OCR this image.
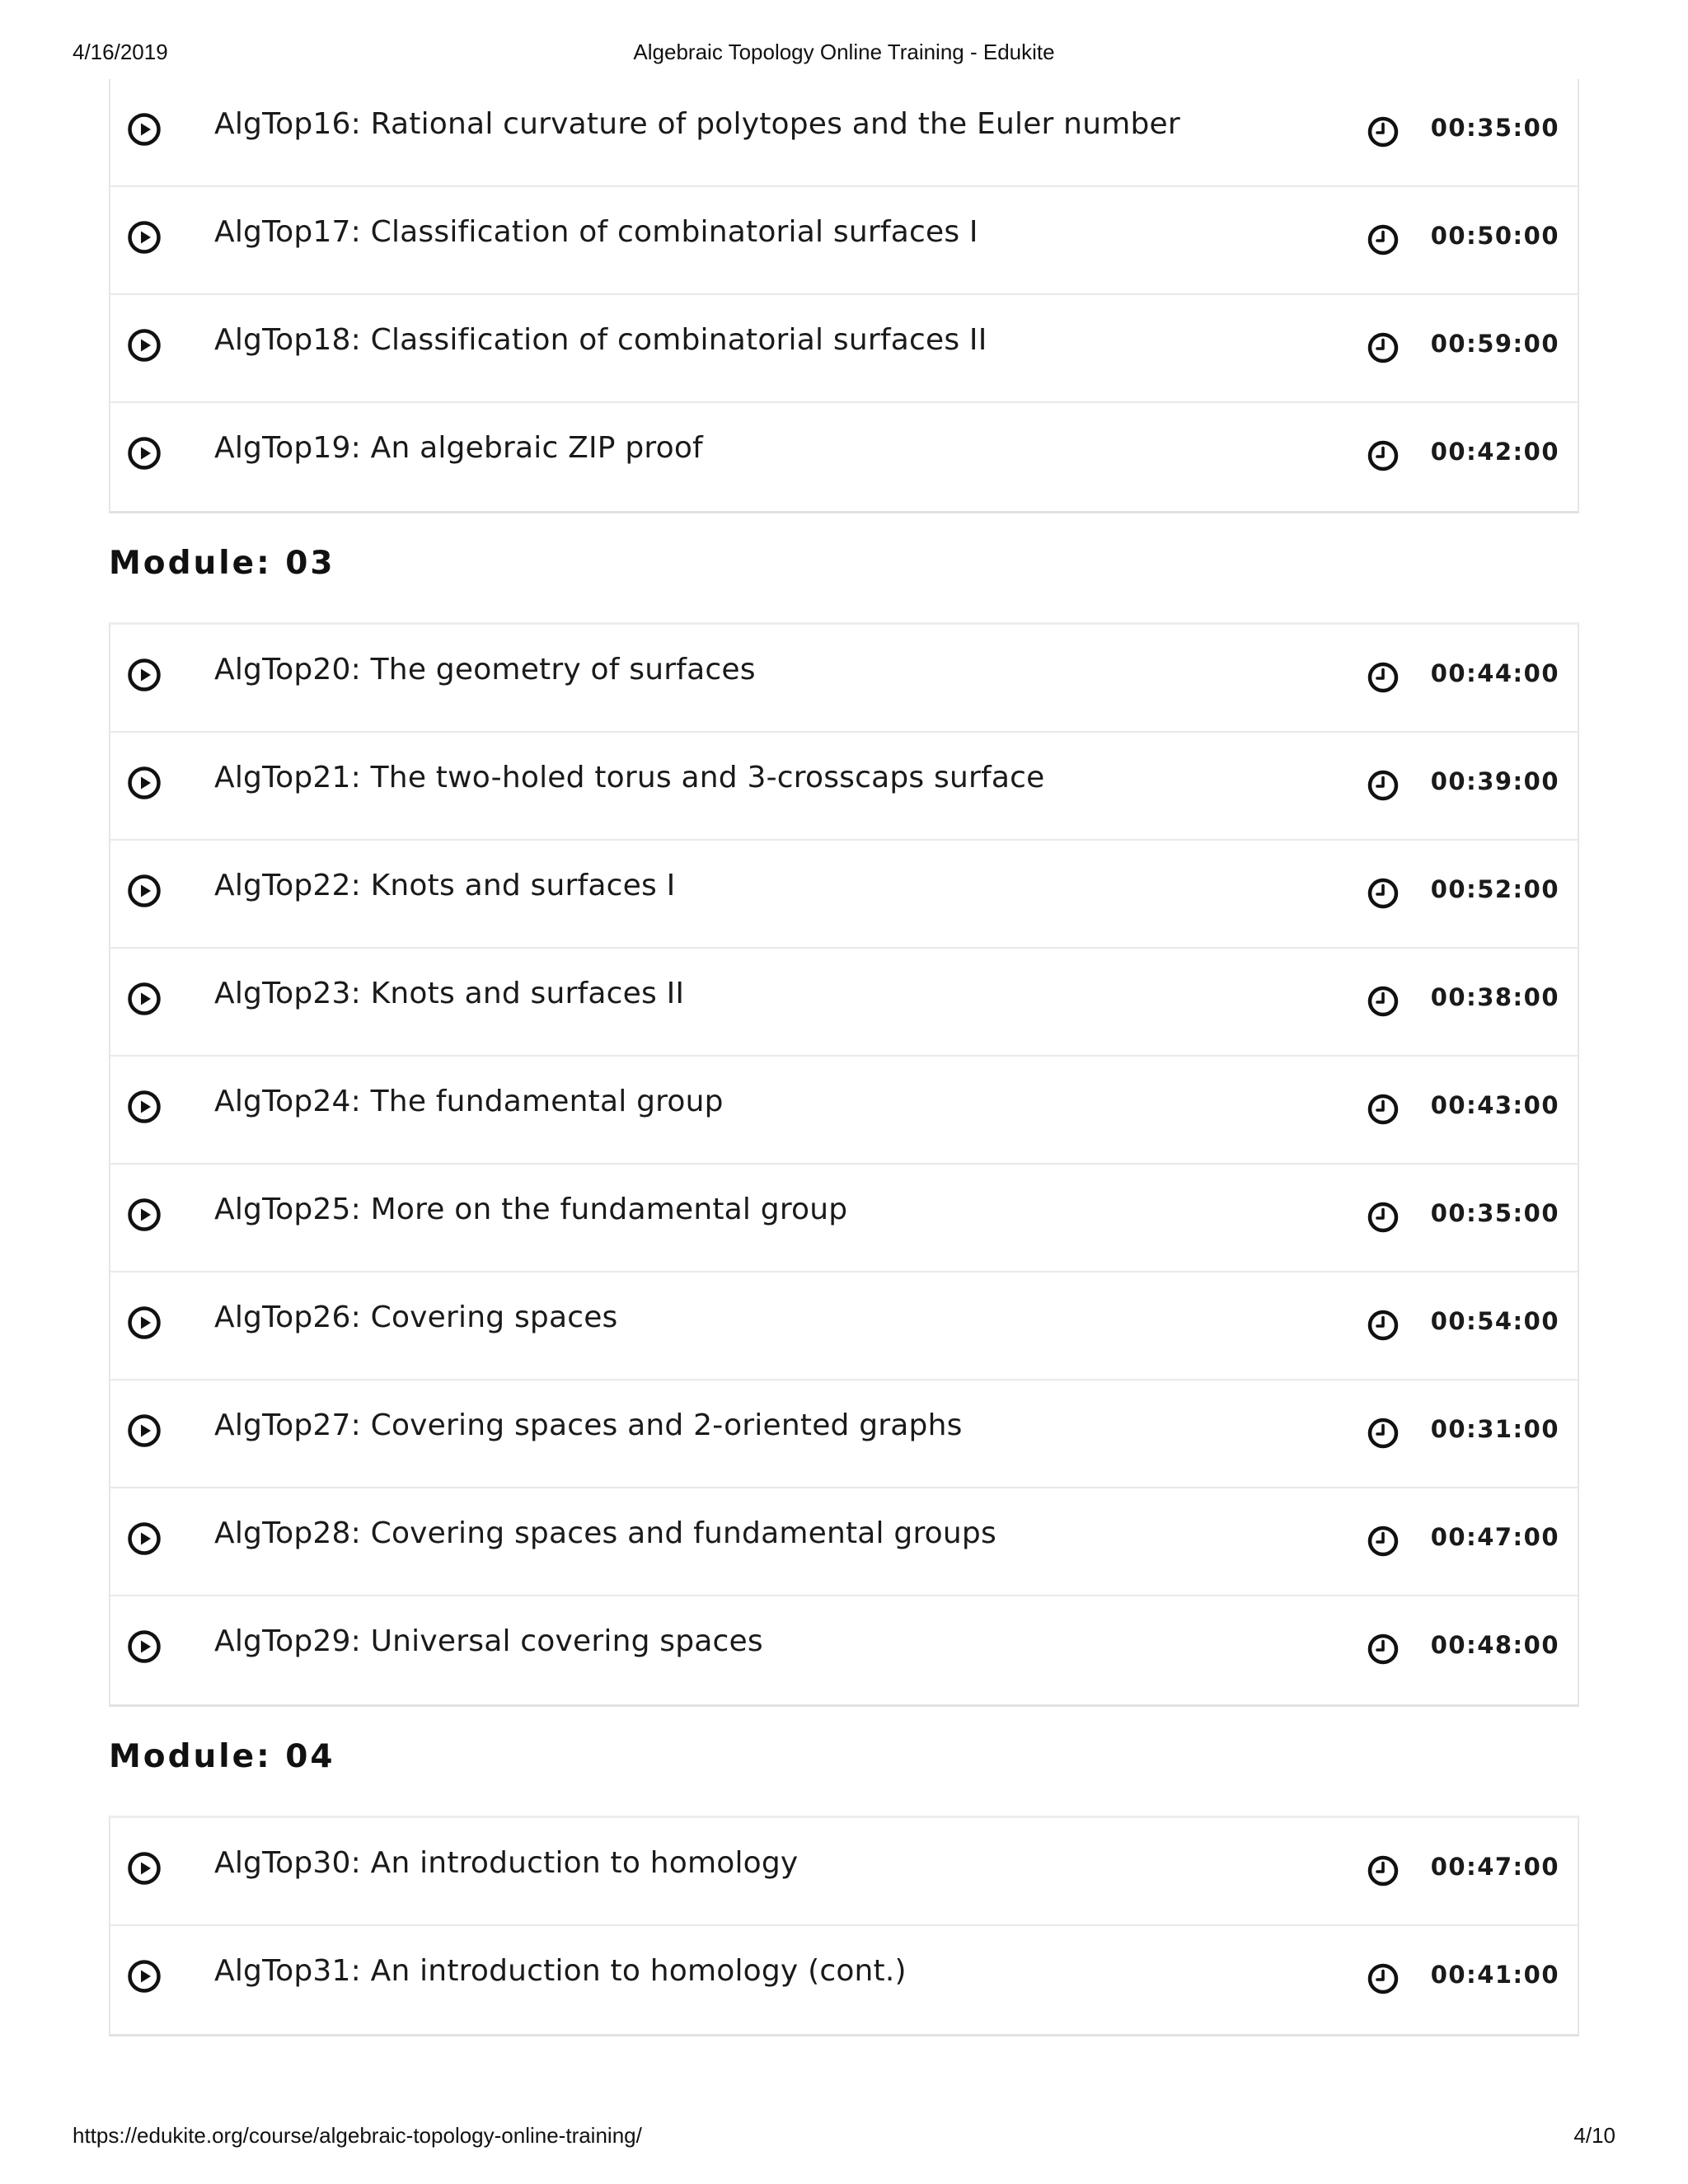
4/16/2019	Algebraic Topology Online Training - Edukite
AlgTop16: Rational curvature of polytopes and the Euler number	00:35:00
AlgTop17: Classification of combinatorial surfaces I	00:50:00
AlgTop18: Classification of combinatorial surfaces II	00:59:00
AlgTop19: An algebraic ZIP proof	00:42:00
Module: 03
AlgTop20: The geometry of surfaces	00:44:00
AlgTop21: The two-holed torus and 3-crosscaps surface	00:39:00
AlgTop22: Knots and surfaces I	00:52:00
AlgTop23: Knots and surfaces II	00:38:00
AlgTop24: The fundamental group	00:43:00
AlgTop25: More on the fundamental group	00:35:00
AlgTop26: Covering spaces	00:54:00
AlgTop27: Covering spaces and 2-oriented graphs	00:31:00
AlgTop28: Covering spaces and fundamental groups	00:47:00
AlgTop29: Universal covering spaces	00:48:00
Module: 04
AlgTop30: An introduction to homology	00:47:00
AlgTop31: An introduction to homology (cont.)	00:41:00
https://edukite.org/course/algebraic-topology-online-training/	4/10
